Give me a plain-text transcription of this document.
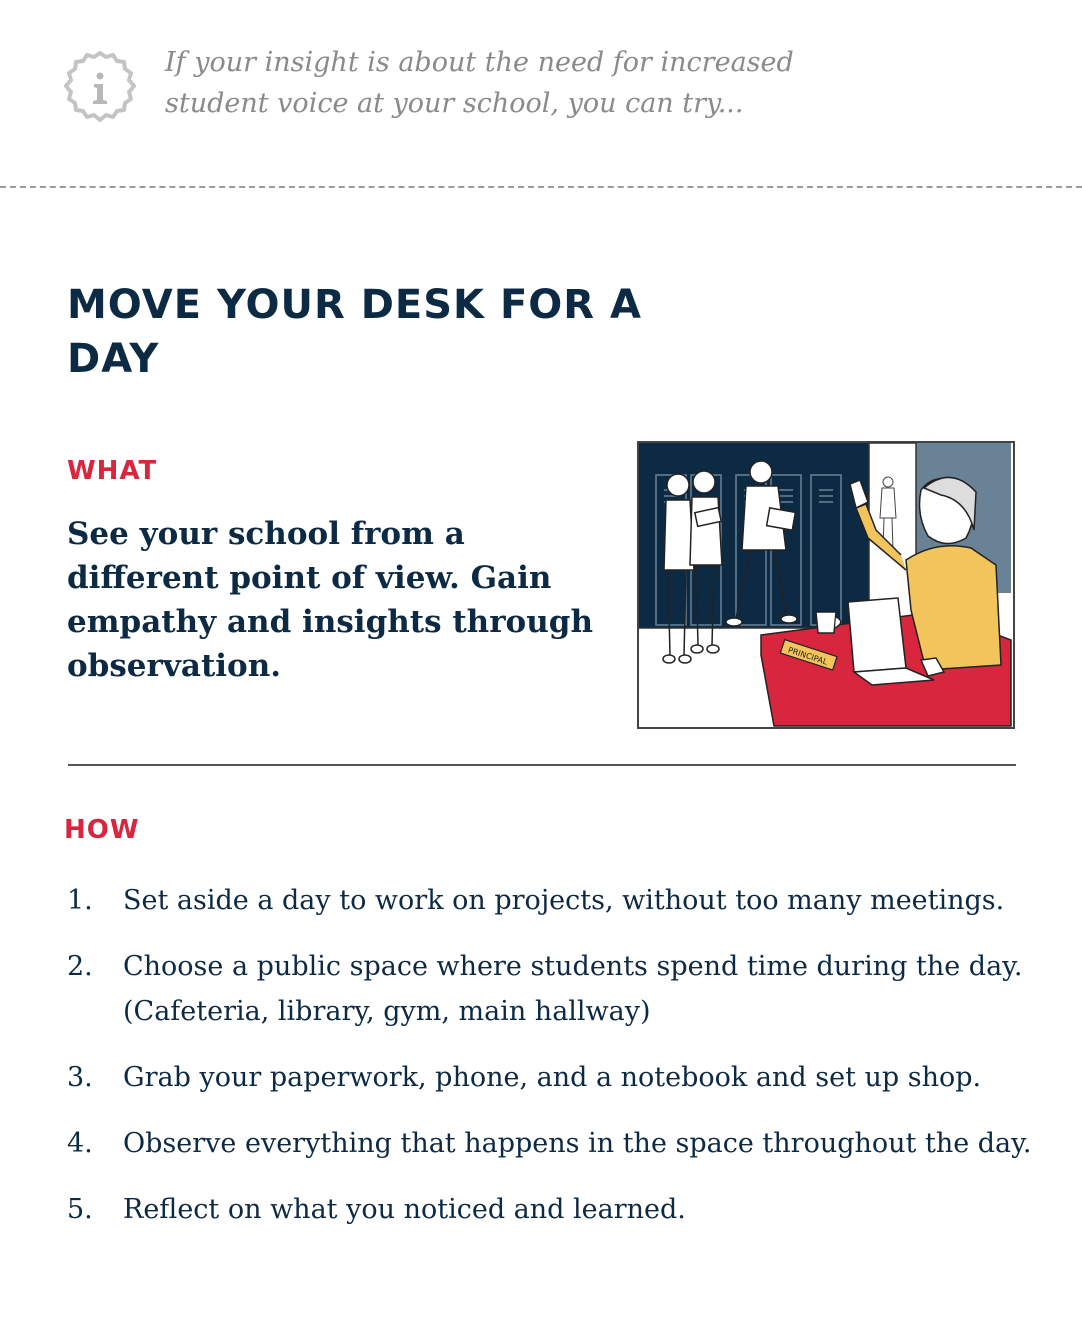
If your insight is about the need for increased student voice at your school, you can try...
MOVE YOUR DESK FOR A DAY
WHAT

See your school from a different point of view. Gain empathy and insights through observation.	PRINCIPAL
HOW
1. Set aside a day to work on projects, without too many meetings.
2. Choose a public space where students spend time during the day. (Cafeteria, library, gym, main hallway)
3. Grab your paperwork, phone, and a notebook and set up shop.
4. Observe everything that happens in the space throughout the day.
5. Reflect on what you noticed and learned.
